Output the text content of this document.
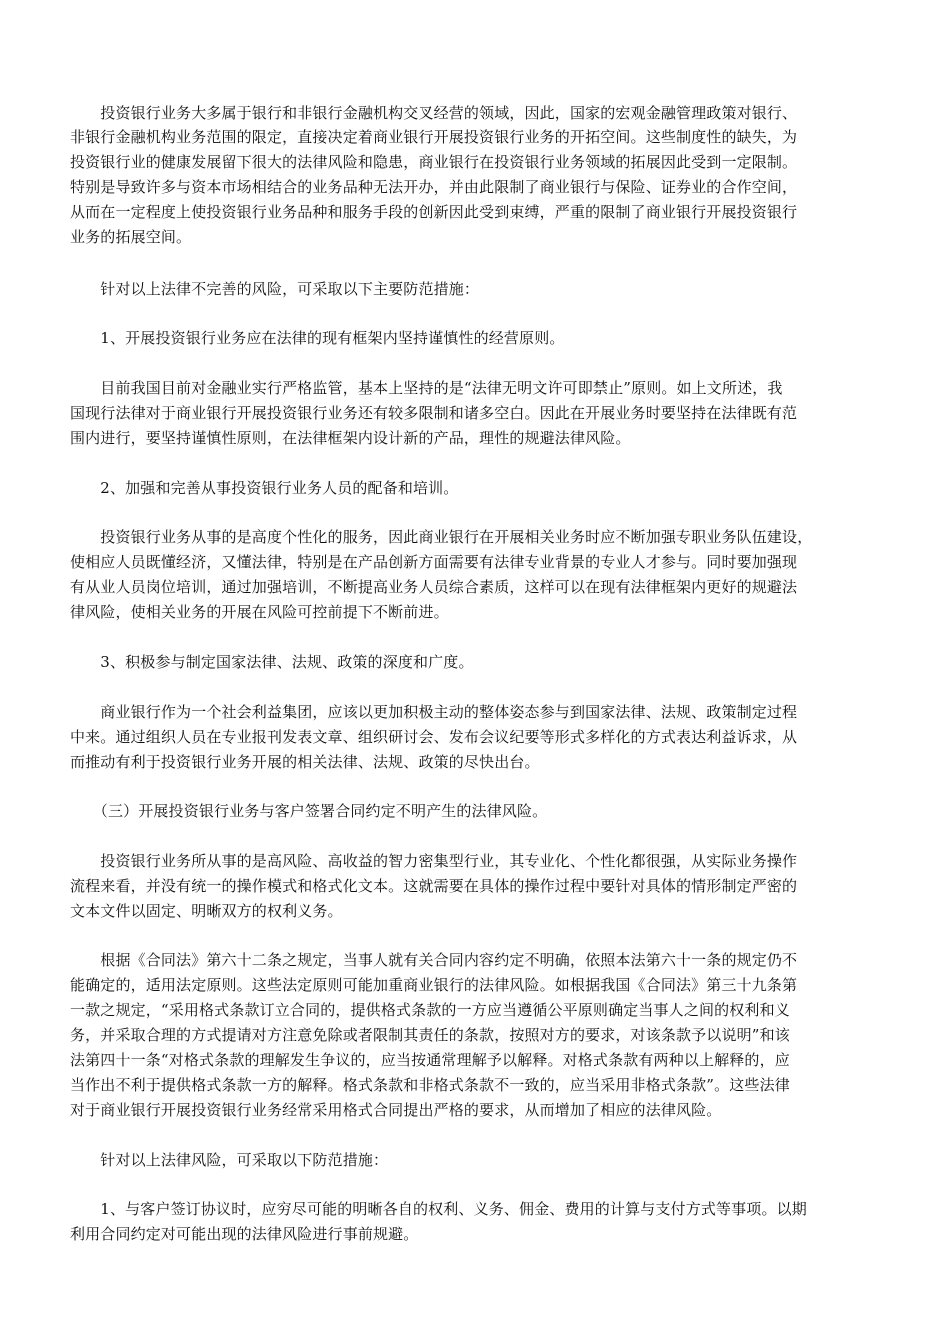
　　投资银行业务大多属于银行和非银行金融机构交叉经营的领域，因此，国家的宏观金融管理政策对银行、
非银行金融机构业务范围的限定，直接决定着商业银行开展投资银行业务的开拓空间。这些制度性的缺失，为
投资银行业的健康发展留下很大的法律风险和隐患，商业银行在投资银行业务领域的拓展因此受到一定限制。
特别是导致许多与资本市场相结合的业务品种无法开办，并由此限制了商业银行与保险、证券业的合作空间，
从而在一定程度上使投资银行业务品种和服务手段的创新因此受到束缚，严重的限制了商业银行开展投资银行
业务的拓展空间。
　　针对以上法律不完善的风险，可采取以下主要防范措施：
　　1、开展投资银行业务应在法律的现有框架内坚持谨慎性的经营原则。
　　目前我国目前对金融业实行严格监管，基本上坚持的是“法律无明文许可即禁止”原则。如上文所述，我
国现行法律对于商业银行开展投资银行业务还有较多限制和诸多空白。因此在开展业务时要坚持在法律既有范
围内进行，要坚持谨慎性原则，在法律框架内设计新的产品，理性的规避法律风险。
　　2、加强和完善从事投资银行业务人员的配备和培训。
　　投资银行业务从事的是高度个性化的服务，因此商业银行在开展相关业务时应不断加强专职业务队伍建设，
使相应人员既懂经济，又懂法律，特别是在产品创新方面需要有法律专业背景的专业人才参与。同时要加强现
有从业人员岗位培训，通过加强培训，不断提高业务人员综合素质，这样可以在现有法律框架内更好的规避法
律风险，使相关业务的开展在风险可控前提下不断前进。
　　3、积极参与制定国家法律、法规、政策的深度和广度。
　　商业银行作为一个社会利益集团，应该以更加积极主动的整体姿态参与到国家法律、法规、政策制定过程
中来。通过组织人员在专业报刊发表文章、组织研讨会、发布会议纪要等形式多样化的方式表达利益诉求，从
而推动有利于投资银行业务开展的相关法律、法规、政策的尽快出台。
　　（三）开展投资银行业务与客户签署合同约定不明产生的法律风险。
　　投资银行业务所从事的是高风险、高收益的智力密集型行业，其专业化、个性化都很强，从实际业务操作
流程来看，并没有统一的操作模式和格式化文本。这就需要在具体的操作过程中要针对具体的情形制定严密的
文本文件以固定、明晰双方的权利义务。
　　根据《合同法》第六十二条之规定，当事人就有关合同内容约定不明确，依照本法第六十一条的规定仍不
能确定的，适用法定原则。这些法定原则可能加重商业银行的法律风险。如根据我国《合同法》第三十九条第
一款之规定，“采用格式条款订立合同的，提供格式条款的一方应当遵循公平原则确定当事人之间的权利和义
务，并采取合理的方式提请对方注意免除或者限制其责任的条款，按照对方的要求，对该条款予以说明”和该
法第四十一条“对格式条款的理解发生争议的，应当按通常理解予以解释。对格式条款有两种以上解释的，应
当作出不利于提供格式条款一方的解释。格式条款和非格式条款不一致的，应当采用非格式条款”。这些法律
对于商业银行开展投资银行业务经常采用格式合同提出严格的要求，从而增加了相应的法律风险。
　　针对以上法律风险，可采取以下防范措施：
　　1、与客户签订协议时，应穷尽可能的明晰各自的权利、义务、佣金、费用的计算与支付方式等事项。以期
利用合同约定对可能出现的法律风险进行事前规避。
